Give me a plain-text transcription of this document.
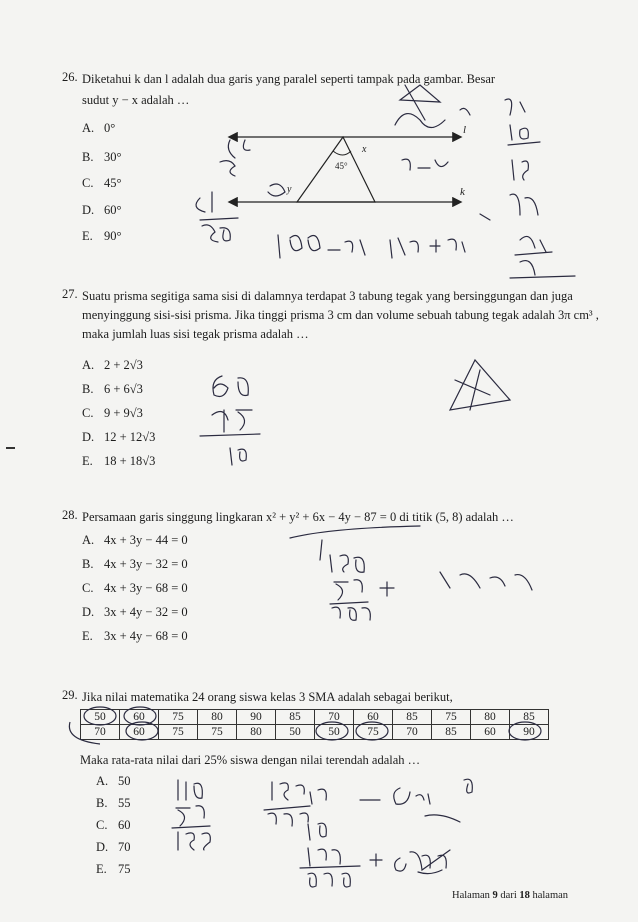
26. Diketahui k dan l adalah dua garis yang paralel seperti tampak pada gambar. Besar
sudut y − x adalah …
A. 0°
B. 30°
C. 45°
D. 60°
E. 90°
l
k
45°
x
y
27. Suatu prisma segitiga sama sisi di dalamnya terdapat 3 tabung tegak yang bersinggungan dan juga menyinggung sisi-sisi prisma. Jika tinggi prisma 3 cm dan volume sebuah tabung tegak adalah 3π cm³ , maka jumlah luas sisi tegak prisma adalah …
A. 2 + 2√3
B. 6 + 6√3
C. 9 + 9√3
D. 12 + 12√3
E. 18 + 18√3
28. Persamaan garis singgung lingkaran x² + y² + 6x − 4y − 87 = 0 di titik (5, 8) adalah …
A. 4x + 3y − 44 = 0
B. 4x + 3y − 32 = 0
C. 4x + 3y − 68 = 0
D. 3x + 4y − 32 = 0
E. 3x + 4y − 68 = 0
29. Jika nilai matematika 24 orang siswa kelas 3 SMA adalah sebagai berikut,
50	60	75	80	90	85	70	60	85	75	80	85
70	60	75	75	80	50	50	75	70	85	60	90
Maka rata-rata nilai dari 25% siswa dengan nilai terendah adalah …
A. 50
B. 55
C. 60
D. 70
E. 75
Halaman 9 dari 18 halaman
